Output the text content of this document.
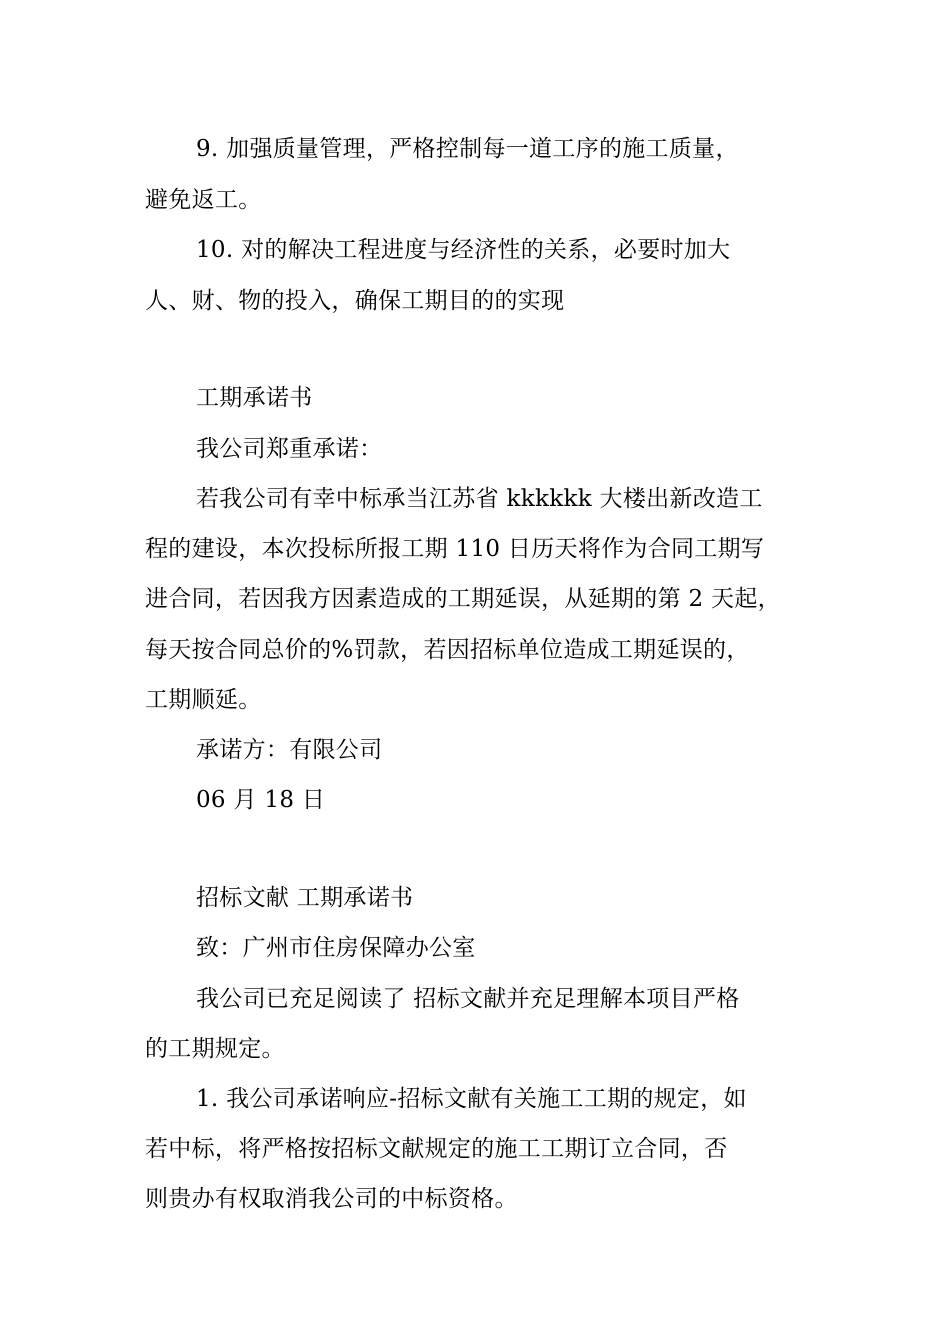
9. 加强质量管理，严格控制每一道工序的施工质量，
避免返工。
10. 对的解决工程进度与经济性的关系，必要时加大
人、财、物的投入，确保工期目的的实现
工期承诺书
我公司郑重承诺：
若我公司有幸中标承当江苏省 kkkkkk 大楼出新改造工
程的建设，本次投标所报工期 110 日历天将作为合同工期写
进合同，若因我方因素造成的工期延误，从延期的第 2 天起，
每天按合同总价的%罚款，若因招标单位造成工期延误的，
工期顺延。
承诺方：有限公司
06 月 18 日
招标文献 工期承诺书
致：广州市住房保障办公室
我公司已充足阅读了 招标文献并充足理解本项目严格
的工期规定。
1. 我公司承诺响应-招标文献有关施工工期的规定，如
若中标，将严格按招标文献规定的施工工期订立合同，否
则贵办有权取消我公司的中标资格。
